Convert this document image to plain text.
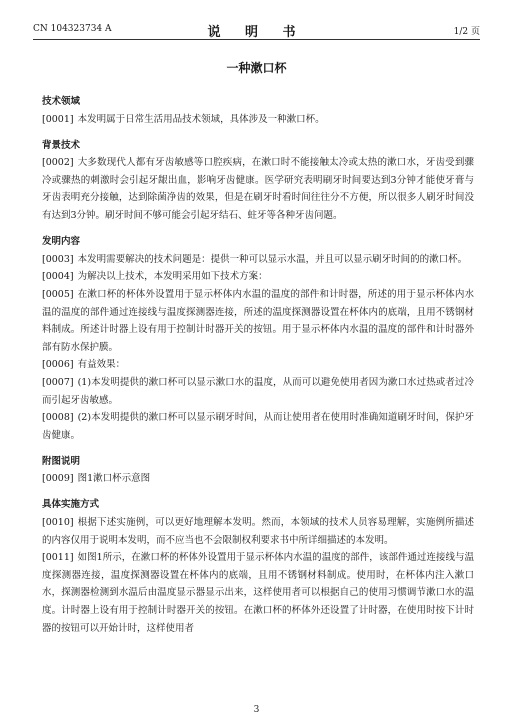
CN 104323734 A	说 明 书	1/2 页
一种漱口杯

技术领域

[0001] 本发明属于日常生活用品技术领域，具体涉及一种漱口杯。

背景技术

[0002] 大多数现代人都有牙齿敏感等口腔疾病，在漱口时不能接触太冷或太热的漱口水，牙齿受到骤冷或骤热的刺激时会引起牙龈出血，影响牙齿健康。医学研究表明刷牙时间要达到3分钟才能使牙膏与牙齿表明充分接触，达到除菌净齿的效果，但是在刷牙时看时间往往分不方便，所以很多人刷牙时间没有达到3分钟。刷牙时间不够可能会引起牙结石、蛀牙等各种牙齿问题。

发明内容

[0003] 本发明需要解决的技术问题是：提供一种可以显示水温，并且可以显示刷牙时间的的漱口杯。

[0004] 为解决以上技术，本发明采用如下技术方案：

[0005] 在漱口杯的杯体外设置用于显示杯体内水温的温度的部件和计时器，所述的用于显示杯体内水温的温度的部件通过连接线与温度探测器连接，所述的温度探测器设置在杯体内的底端，且用不锈钢材料制成。所述计时器上设有用于控制计时器开关的按钮。用于显示杯体内水温的温度的部件和计时器外部有防水保护膜。

[0006] 有益效果：

[0007] (1)本发明提供的漱口杯可以显示漱口水的温度，从而可以避免使用者因为漱口水过热或者过冷而引起牙齿敏感。

[0008] (2)本发明提供的漱口杯可以显示刷牙时间，从而让使用者在使用时准确知道刷牙时间，保护牙齿健康。

附图说明

[0009] 图1漱口杯示意图

具体实施方式

[0010] 根据下述实施例，可以更好地理解本发明。然而，本领域的技术人员容易理解，实施例所描述的内容仅用于说明本发明，而不应当也不会限制权利要求书中所详细描述的本发明。

[0011] 如图1所示，在漱口杯的杯体外设置用于显示杯体内水温的温度的部件，该部件通过连接线与温度探测器连接，温度探测器设置在杯体内的底端，且用不锈钢材料制成。使用时，在杯体内注入漱口水，探测器检测到水温后由温度显示器显示出来，这样使用者可以根据自己的使用习惯调节漱口水的温度。计时器上设有用于控制计时器开关的按钮。在漱口杯的杯体外还设置了计时器，在使用时按下计时器的按钮可以开始计时，这样使用者

3
